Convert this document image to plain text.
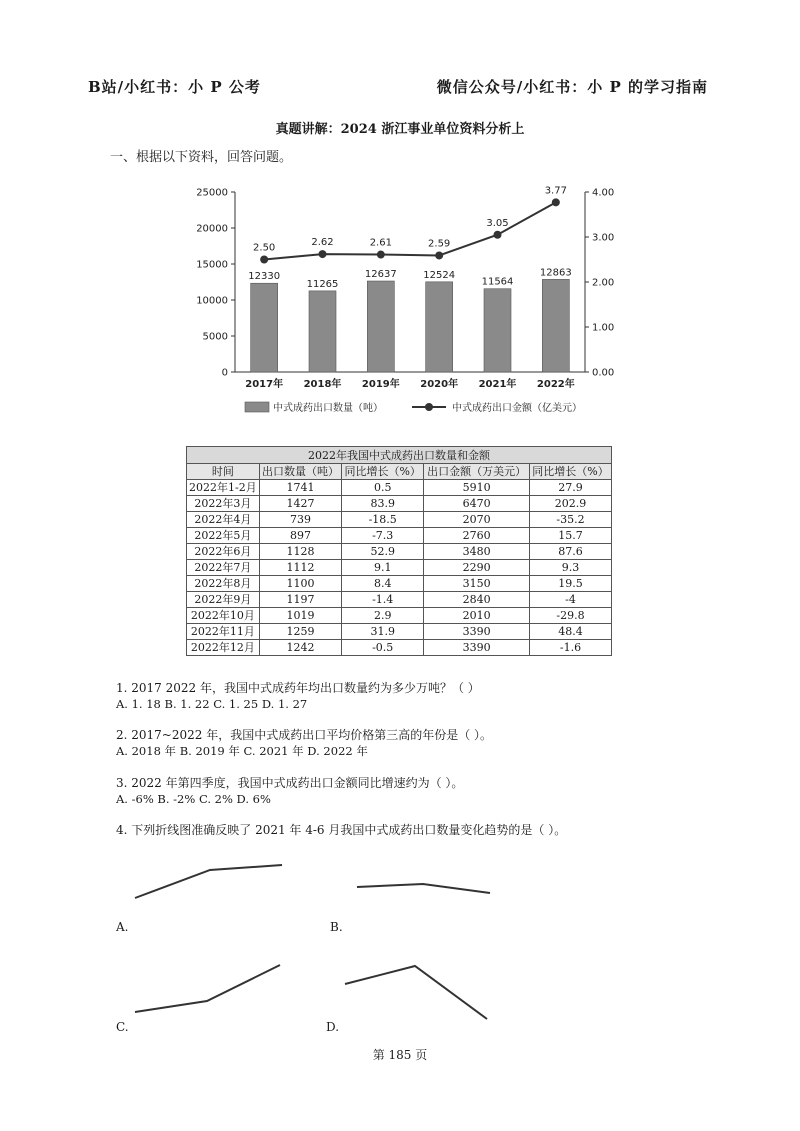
B站/小红书：小 P 公考	微信公众号/小红书：小 P 的学习指南
真题讲解：2024 浙江事业单位资料分析上
一、根据以下资料，回答问题。
0
5000
10000
15000
20000
25000
0.00
1.00
2.00
3.00
4.00
12330
2017年
11265
2018年
12637
2019年
12524
2020年
11564
2021年
12863
2022年
2.50	2.62	2.61	2.59
3.05
3.77
中式成药出口数量（吨）	中式成药出口金额（亿美元）
2022年我国中式成药出口数量和金额				
时间	出口数量（吨）	同比增长（%）	出口金额（万美元）	同比增长（%）
2022年1-2月	1741	0.5	5910	27.9
2022年3月	1427	83.9	6470	202.9
2022年4月	739	-18.5	2070	-35.2
2022年5月	897	-7.3	2760	15.7
2022年6月	1128	52.9	3480	87.6
2022年7月	1112	9.1	2290	9.3
2022年8月	1100	8.4	3150	19.5
2022年9月	1197	-1.4	2840	-4
2022年10月	1019	2.9	2010	-29.8
2022年11月	1259	31.9	3390	48.4
2022年12月	1242	-0.5	3390	-1.6
1. 2017 2022 年，我国中式成药年均出口数量约为多少万吨？（ ）
A. 1. 18 B. 1. 22 C. 1. 25 D. 1. 27
2. 2017~2022 年，我国中式成药出口平均价格第三高的年份是（ ）。
A. 2018 年 B. 2019 年 C. 2021 年 D. 2022 年
3. 2022 年第四季度，我国中式成药出口金额同比增速约为（ ）。
A. -6% B. -2% C. 2% D. 6%
4. 下列折线图准确反映了 2021 年 4-6 月我国中式成药出口数量变化趋势的是（ ）。
A.	B.
C.	D.
第 185 页
